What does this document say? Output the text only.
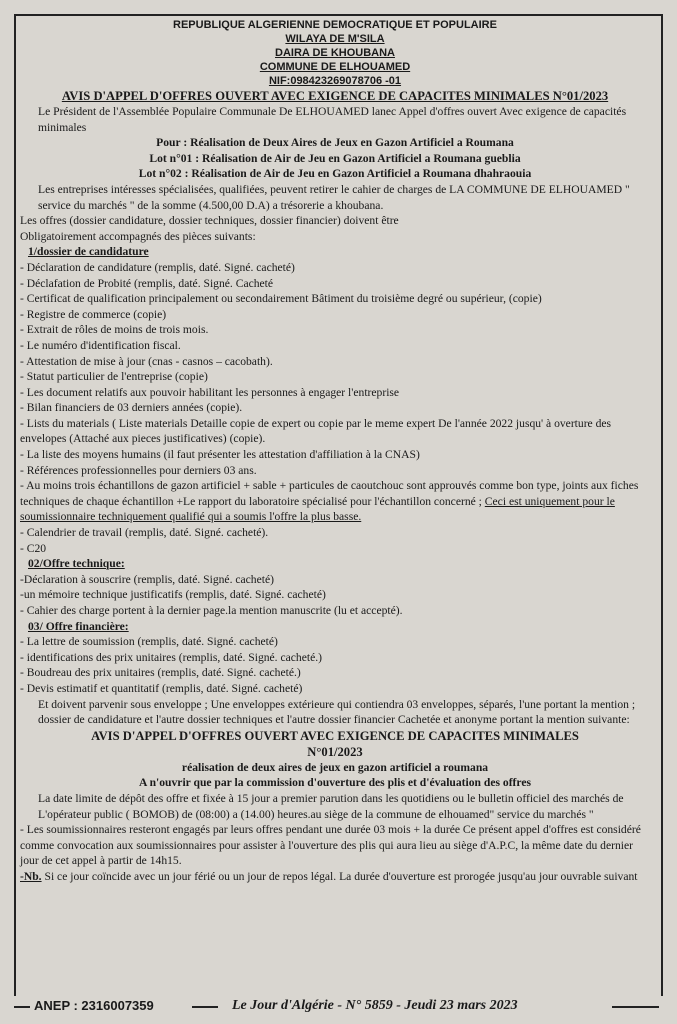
REPUBLIQUE ALGERIENNE DEMOCRATIQUE ET POPULAIRE
WILAYA DE M'SILA
DAIRA DE KHOUBANA
COMMUNE DE ELHOUAMED
NIF:098423269078706 -01
AVIS D'APPEL D'OFFRES OUVERT AVEC EXIGENCE DE CAPACITES MINIMALES N°01/2023

Le Président de l'Assemblée Populaire Communale De ELHOUAMED lanec Appel d'offres ouvert Avec exigence de capacités minimales

Pour : Réalisation de Deux Aires de Jeux en Gazon Artificiel a Roumana
Lot n°01 : Réalisation de Air de Jeu en Gazon Artificiel a Roumana guebliа
Lot n°02 : Réalisation de Air de Jeu en Gazon Artificiel a Roumana dhahraouia

Les entreprises intéresses spécialisées, qualifiées, peuvent retirer le cahier de charges de LA COMMUNE DE ELHOUAMED " service du marchés " de la somme (4.500,00 D.A) a trésorerie a khoubana.

Les offres (dossier candidature, dossier techniques, dossier financier) doivent être
Obligatoirement accompagnés des pièces suivants:
1/dossier de candidature
- Déclaration de candidature (remplis, daté. Signé. cacheté)
- Déclafation de Probité (remplis, daté. Signé. Cacheté
- Certificat de qualification principalement ou secondairement Bâtiment du troisième degré ou supérieur, (copie)
- Registre de commerce (copie)
- Extrait de rôles de moins de trois mois.
- Le numéro d'identification fiscal.
- Attestation de mise à jour (cnas - casnos – cacobath).
- Statut particulier de l'entreprise (copie)
- Les document relatifs aux pouvoir habilitant les personnes à engager l'entreprise
- Bilan financiers de 03 derniers années (copie).
- Lists du materials ( Liste materials Detaille copie de expert ou copie par le meme expert De l'année 2022 jusqu' à overture des envelopes (Attaché aux pieces justificatives) (copie).
- La liste des moyens humains (il faut présenter les attestation d'affiliation à la CNAS)
- Références professionnelles pour derniers 03 ans.
- Au moins trois échantillons de gazon artificiel + sable + particules de caoutchouc sont approuvés comme bon type, joints aux fiches techniques de chaque échantillon +Le rapport du laboratoire spécialisé pour l'échantillon concerné ; Ceci est uniquement pour le soumissionnaire techniquement qualifié qui a soumis l'offre la plus basse.
- Calendrier de travail (remplis, daté. Signé. cacheté).
- C20
02/Offre technique:
-Déclaration à souscrire (remplis, daté. Signé. cacheté)
-un mémoire technique justificatifs (remplis, daté. Signé. cacheté)
- Cahier des charge portent à la dernier page.la mention manuscrite (lu et accepté).
03/ Offre financière:
- La lettre de soumission (remplis, daté. Signé. cacheté)
- identifications des prix unitaires (remplis, daté. Signé. cacheté.)
- Boudreau des prix unitaires (remplis, daté. Signé. cacheté.)
- Devis estimatif et quantitatif (remplis, daté. Signé. cacheté)

Et doivent parvenir sous enveloppe ; Une enveloppes extérieure qui contiendra 03 enveloppes, séparés, l'une portant la mention ; dossier de candidature et l'autre dossier techniques et l'autre dossier financier Cachetée et anonyme portant la mention suivante:

AVIS D'APPEL D'OFFRES OUVERT AVEC EXIGENCE DE CAPACITES MINIMALES
N°01/2023
réalisation de deux aires de jeux en gazon artificiel a roumana
A n'ouvrir que par la commission d'ouverture des plis et d'évaluation des offres

La date limite de dépôt des offre et fixée à 15 jour a premier parution dans les quotidiens ou le bulletin officiel des marchés de L'opérateur public ( BOMOB) de (08:00) a (14.00) heures.au siège de la commune de elhouamed" service du marchés "

- Les soumissionnaires resteront engagés par leurs offres pendant une durée 03 mois + la durée Ce présent appel d'offres est considéré comme convocation aux soumissionnaires pour assister à l'ouverture des plis qui aura lieu au siège d'A.P.C, la même date du dernier jour de cet appel à partir de 14h15.

-Nb. Si ce jour coïncide avec un jour férié ou un jour de repos légal. La durée d'ouverture est prorogée jusqu'au jour ouvrable suivant

ANEP : 2316007359	Le Jour d'Algérie - N° 5859 - Jeudi 23 mars 2023
